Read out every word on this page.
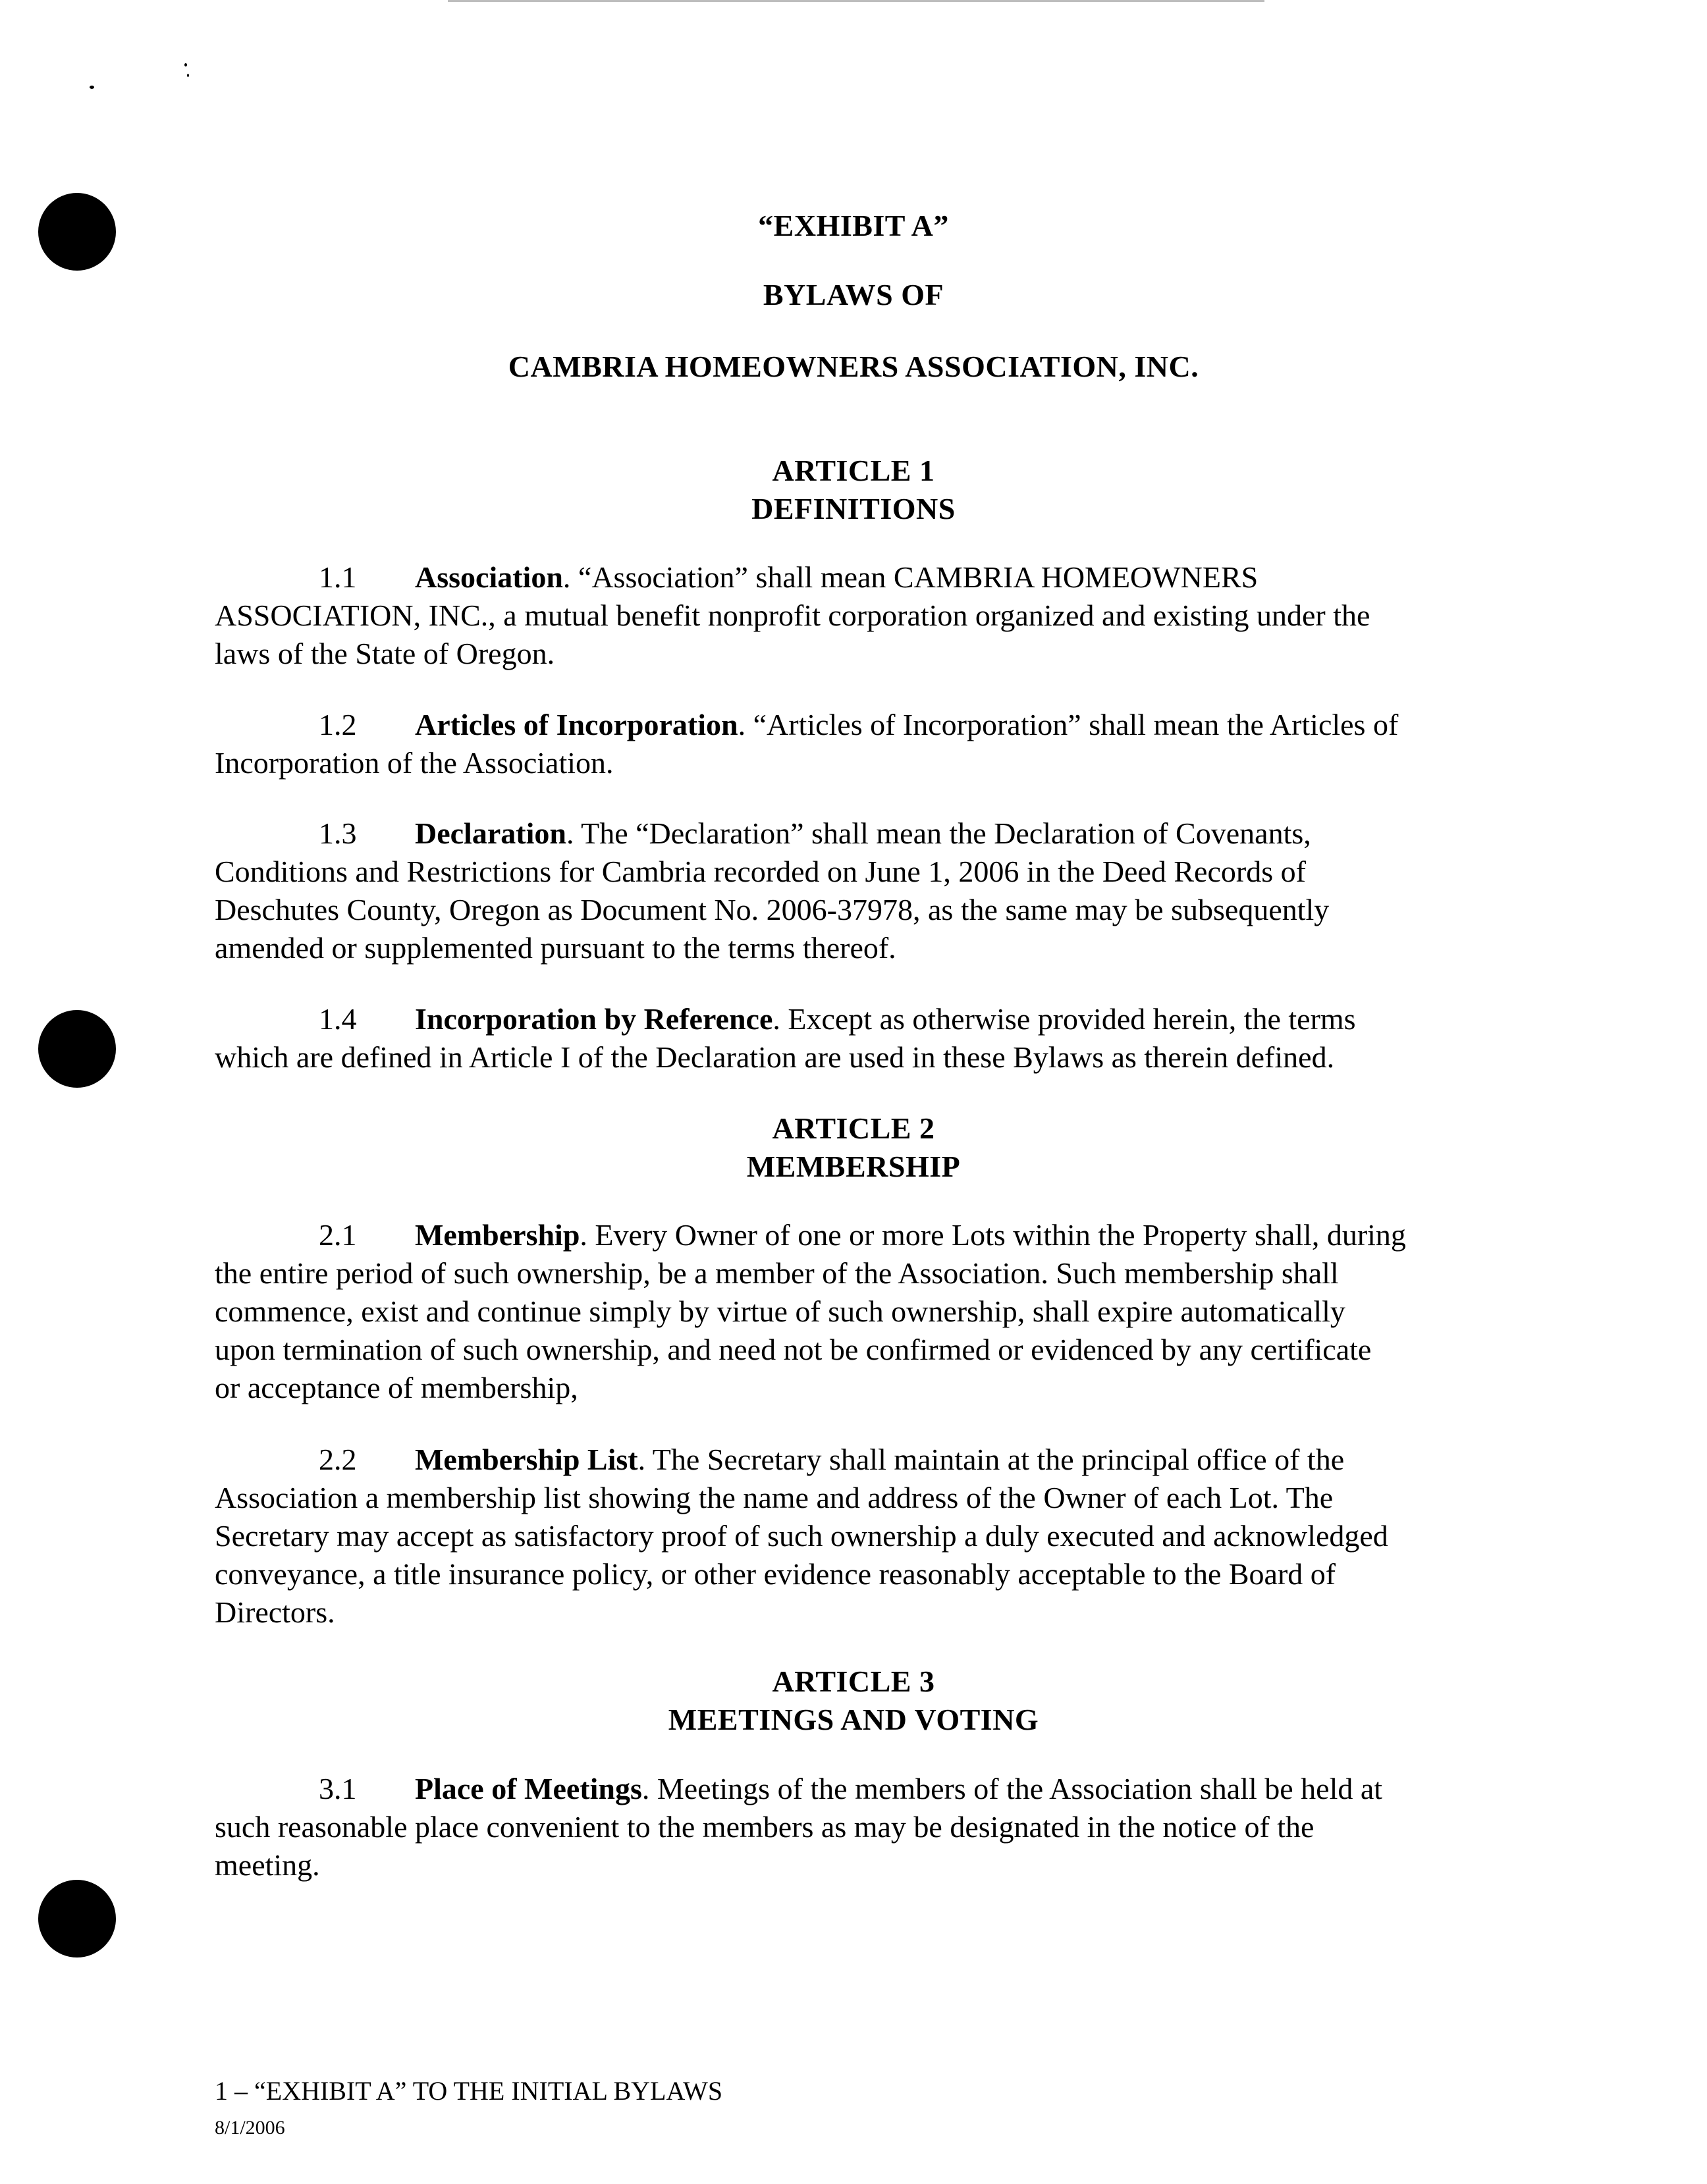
“EXHIBIT A”
BYLAWS OF
CAMBRIA HOMEOWNERS ASSOCIATION, INC.
ARTICLE 1
DEFINITIONS
1.1 Association. “Association” shall mean CAMBRIA HOMEOWNERS
ASSOCIATION, INC., a mutual benefit nonprofit corporation organized and existing under the
laws of the State of Oregon.
1.2 Articles of Incorporation. “Articles of Incorporation” shall mean the Articles of
Incorporation of the Association.
1.3 Declaration. The “Declaration” shall mean the Declaration of Covenants,
Conditions and Restrictions for Cambria recorded on June 1, 2006 in the Deed Records of
Deschutes County, Oregon as Document No. 2006-37978, as the same may be subsequently
amended or supplemented pursuant to the terms thereof.
1.4 Incorporation by Reference. Except as otherwise provided herein, the terms
which are defined in Article I of the Declaration are used in these Bylaws as therein defined.
ARTICLE 2
MEMBERSHIP
2.1 Membership. Every Owner of one or more Lots within the Property shall, during
the entire period of such ownership, be a member of the Association. Such membership shall
commence, exist and continue simply by virtue of such ownership, shall expire automatically
upon termination of such ownership, and need not be confirmed or evidenced by any certificate
or acceptance of membership,
2.2 Membership List. The Secretary shall maintain at the principal office of the
Association a membership list showing the name and address of the Owner of each Lot. The
Secretary may accept as satisfactory proof of such ownership a duly executed and acknowledged
conveyance, a title insurance policy, or other evidence reasonably acceptable to the Board of
Directors.
ARTICLE 3
MEETINGS AND VOTING
3.1 Place of Meetings. Meetings of the members of the Association shall be held at
such reasonable place convenient to the members as may be designated in the notice of the
meeting.
1 – “EXHIBIT A” TO THE INITIAL BYLAWS
8/1/2006
